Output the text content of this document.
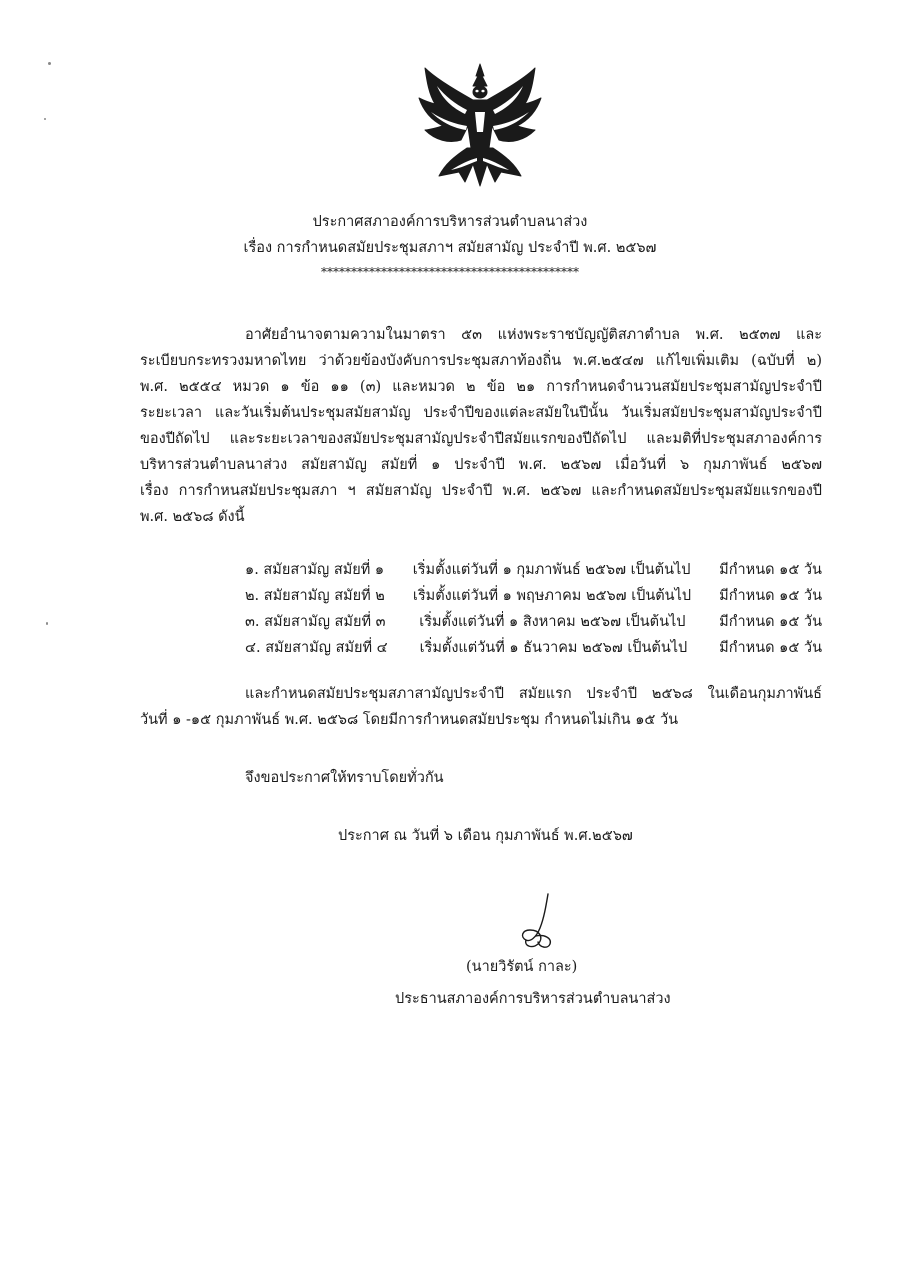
ประกาศสภาองค์การบริหารส่วนตำบลนาส่วง
เรื่อง การกำหนดสมัยประชุมสภาฯ สมัยสามัญ ประจำปี พ.ศ. ๒๕๖๗
*******************************************
อาศัยอำนาจตามความในมาตรา ๕๓ แห่งพระราชบัญญัติสภาตำบล พ.ศ. ๒๕๓๗ และ
ระเบียบกระทรวงมหาดไทย ว่าด้วยข้องบังคับการประชุมสภาท้องถิ่น พ.ศ.๒๕๔๗ แก้ไขเพิ่มเติม (ฉบับที่ ๒)
พ.ศ. ๒๕๕๔ หมวด ๑ ข้อ ๑๑ (๓) และหมวด ๒ ข้อ ๒๑ การกำหนดจำนวนสมัยประชุมสามัญประจำปี
ระยะเวลา และวันเริ่มต้นประชุมสมัยสามัญ ประจำปีของแต่ละสมัยในปีนั้น วันเริ่มสมัยประชุมสามัญประจำปี
ของปีถัดไป และระยะเวลาของสมัยประชุมสามัญประจำปีสมัยแรกของปีถัดไป และมติที่ประชุมสภาองค์การ
บริหารส่วนตำบลนาส่วง สมัยสามัญ สมัยที่ ๑ ประจำปี พ.ศ. ๒๕๖๗ เมื่อวันที่ ๖ กุมภาพันธ์ ๒๕๖๗
เรื่อง การกำหนสมัยประชุมสภา ฯ สมัยสามัญ ประจำปี พ.ศ. ๒๕๖๗ และกำหนดสมัยประชุมสมัยแรกของปี
พ.ศ. ๒๕๖๘ ดังนี้
๑. สมัยสามัญ สมัยที่ ๑ เริ่มตั้งแต่วันที่ ๑ กุมภาพันธ์ ๒๕๖๗ เป็นต้นไป มีกำหนด ๑๕ วัน
๒. สมัยสามัญ สมัยที่ ๒ เริ่มตั้งแต่วันที่ ๑ พฤษภาคม ๒๕๖๗ เป็นต้นไป มีกำหนด ๑๕ วัน
๓. สมัยสามัญ สมัยที่ ๓ เริ่มตั้งแต่วันที่ ๑ สิงหาคม ๒๕๖๗ เป็นต้นไป มีกำหนด ๑๕ วัน
๔. สมัยสามัญ สมัยที่ ๔ เริ่มตั้งแต่วันที่ ๑ ธันวาคม ๒๕๖๗ เป็นต้นไป มีกำหนด ๑๕ วัน
และกำหนดสมัยประชุมสภาสามัญประจำปี สมัยแรก ประจำปี ๒๕๖๘ ในเดือนกุมภาพันธ์
วันที่ ๑ -๑๕ กุมภาพันธ์ พ.ศ. ๒๕๖๘ โดยมีการกำหนดสมัยประชุม กำหนดไม่เกิน ๑๕ วัน
จึงขอประกาศให้ทราบโดยทั่วกัน
ประกาศ ณ วันที่ ๖ เดือน กุมภาพันธ์ พ.ศ.๒๕๖๗
(นายวิรัตน์ กาละ)
ประธานสภาองค์การบริหารส่วนตำบลนาส่วง
